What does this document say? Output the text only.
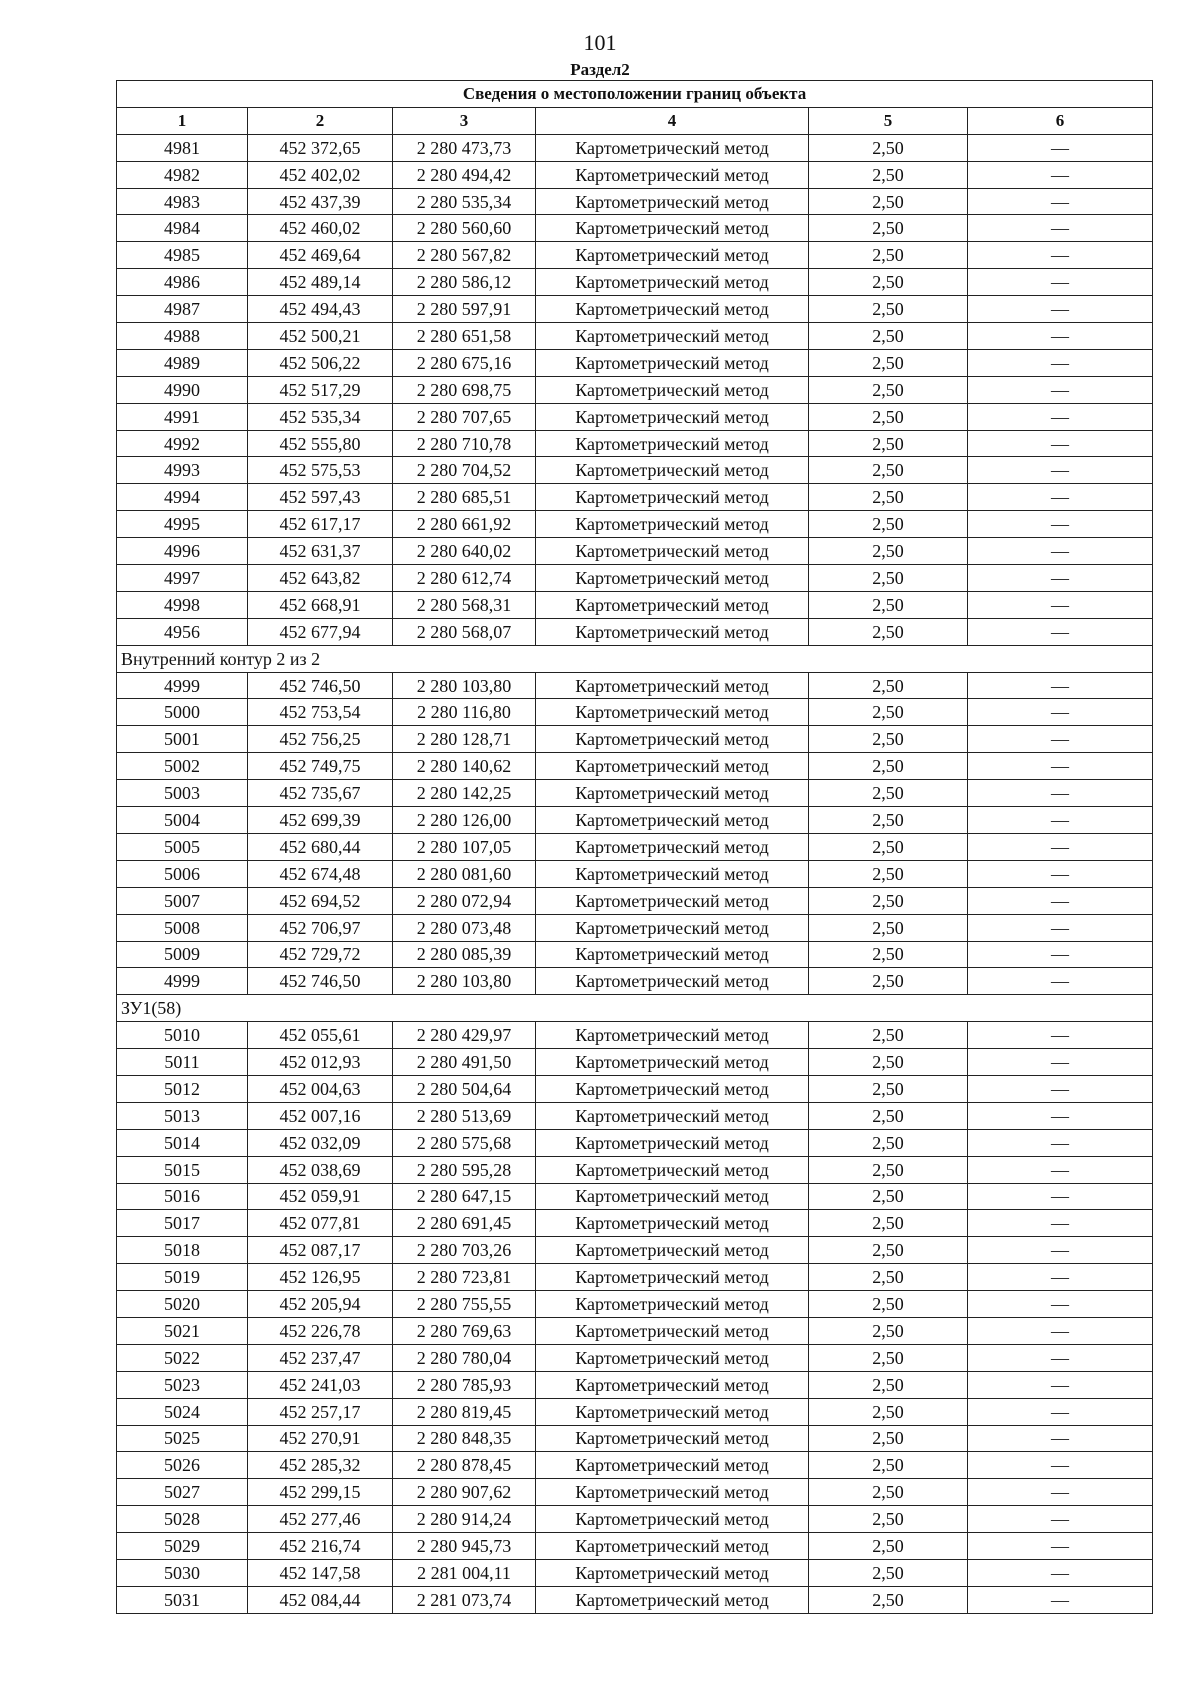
101
Раздел2
Сведения о местоположении границ объекта					
1	2	3	4	5	6
4981	452 372,65	2 280 473,73	Картометрический метод	2,50	—
4982	452 402,02	2 280 494,42	Картометрический метод	2,50	—
4983	452 437,39	2 280 535,34	Картометрический метод	2,50	—
4984	452 460,02	2 280 560,60	Картометрический метод	2,50	—
4985	452 469,64	2 280 567,82	Картометрический метод	2,50	—
4986	452 489,14	2 280 586,12	Картометрический метод	2,50	—
4987	452 494,43	2 280 597,91	Картометрический метод	2,50	—
4988	452 500,21	2 280 651,58	Картометрический метод	2,50	—
4989	452 506,22	2 280 675,16	Картометрический метод	2,50	—
4990	452 517,29	2 280 698,75	Картометрический метод	2,50	—
4991	452 535,34	2 280 707,65	Картометрический метод	2,50	—
4992	452 555,80	2 280 710,78	Картометрический метод	2,50	—
4993	452 575,53	2 280 704,52	Картометрический метод	2,50	—
4994	452 597,43	2 280 685,51	Картометрический метод	2,50	—
4995	452 617,17	2 280 661,92	Картометрический метод	2,50	—
4996	452 631,37	2 280 640,02	Картометрический метод	2,50	—
4997	452 643,82	2 280 612,74	Картометрический метод	2,50	—
4998	452 668,91	2 280 568,31	Картометрический метод	2,50	—
4956	452 677,94	2 280 568,07	Картометрический метод	2,50	—
Внутренний контур 2 из 2					
4999	452 746,50	2 280 103,80	Картометрический метод	2,50	—
5000	452 753,54	2 280 116,80	Картометрический метод	2,50	—
5001	452 756,25	2 280 128,71	Картометрический метод	2,50	—
5002	452 749,75	2 280 140,62	Картометрический метод	2,50	—
5003	452 735,67	2 280 142,25	Картометрический метод	2,50	—
5004	452 699,39	2 280 126,00	Картометрический метод	2,50	—
5005	452 680,44	2 280 107,05	Картометрический метод	2,50	—
5006	452 674,48	2 280 081,60	Картометрический метод	2,50	—
5007	452 694,52	2 280 072,94	Картометрический метод	2,50	—
5008	452 706,97	2 280 073,48	Картометрический метод	2,50	—
5009	452 729,72	2 280 085,39	Картометрический метод	2,50	—
4999	452 746,50	2 280 103,80	Картометрический метод	2,50	—
ЗУ1(58)					
5010	452 055,61	2 280 429,97	Картометрический метод	2,50	—
5011	452 012,93	2 280 491,50	Картометрический метод	2,50	—
5012	452 004,63	2 280 504,64	Картометрический метод	2,50	—
5013	452 007,16	2 280 513,69	Картометрический метод	2,50	—
5014	452 032,09	2 280 575,68	Картометрический метод	2,50	—
5015	452 038,69	2 280 595,28	Картометрический метод	2,50	—
5016	452 059,91	2 280 647,15	Картометрический метод	2,50	—
5017	452 077,81	2 280 691,45	Картометрический метод	2,50	—
5018	452 087,17	2 280 703,26	Картометрический метод	2,50	—
5019	452 126,95	2 280 723,81	Картометрический метод	2,50	—
5020	452 205,94	2 280 755,55	Картометрический метод	2,50	—
5021	452 226,78	2 280 769,63	Картометрический метод	2,50	—
5022	452 237,47	2 280 780,04	Картометрический метод	2,50	—
5023	452 241,03	2 280 785,93	Картометрический метод	2,50	—
5024	452 257,17	2 280 819,45	Картометрический метод	2,50	—
5025	452 270,91	2 280 848,35	Картометрический метод	2,50	—
5026	452 285,32	2 280 878,45	Картометрический метод	2,50	—
5027	452 299,15	2 280 907,62	Картометрический метод	2,50	—
5028	452 277,46	2 280 914,24	Картометрический метод	2,50	—
5029	452 216,74	2 280 945,73	Картометрический метод	2,50	—
5030	452 147,58	2 281 004,11	Картометрический метод	2,50	—
5031	452 084,44	2 281 073,74	Картометрический метод	2,50	—
